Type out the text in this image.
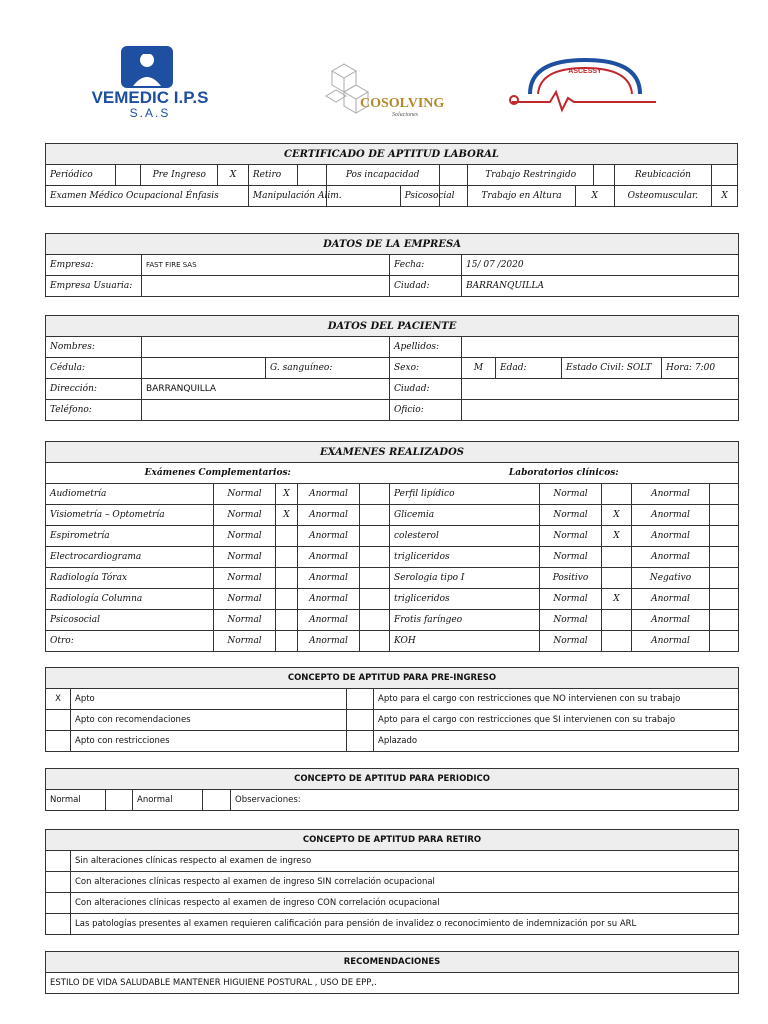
VEMEDIC I.P.S
S.A.S
COSOLVING
Soluciones
ASCESSY
CERTIFICADO DE APTITUD LABORAL													
Periódico		Pre Ingreso	X	Retiro		Pos incapacidad			Trabajo Restringido			Reubicación	
Examen Médico Ocupacional Énfasis				Manipulación Alim.			Psicosocial		Trabajo en Altura	X		Osteomuscular.	X
DATOS DE LA EMPRESA			
Empresa:	FAST FIRE SAS	Fecha:	15/ 07 /2020
Empresa Usuaria:		Ciudad:	BARRANQUILLA
DATOS DEL PACIENTE							
Nombres:			Apellidos:				
Cédula:		G. sanguíneo:	Sexo:	M	Edad:	Estado Civil: SOLT	Hora: 7:00
Dirección:	BARRANQUILLA		Ciudad:				
Teléfono:			Oficio:				
EXAMENES REALIZADOS									
Exámenes Complementarios:					Laboratorios clínicos:				
Audiometría	Normal	X	Anormal		Perfil lipídico	Normal		Anormal	
Visiometría – Optometría	Normal	X	Anormal		Glicemia	Normal	X	Anormal	
Espirometría	Normal		Anormal		colesterol	Normal	X	Anormal	
Electrocardiograma	Normal		Anormal		trigliceridos	Normal		Anormal	
Radiología Tórax	Normal		Anormal		Serologia tipo I	Positivo		Negativo	
Radiología Columna	Normal		Anormal		trigliceridos	Normal	X	Anormal	
Psicosocial	Normal		Anormal		Frotis faríngeo	Normal		Anormal	
Otro:	Normal		Anormal		KOH	Normal		Anormal	
CONCEPTO DE APTITUD PARA PRE-INGRESO			
X	Apto		Apto para el cargo con restricciones que NO intervienen con su trabajo
	Apto con recomendaciones		Apto para el cargo con restricciones que SI intervienen con su trabajo
	Apto con restricciones		Aplazado
CONCEPTO DE APTITUD PARA PERIODICO
Normal		Anormal		Observaciones:
CONCEPTO DE APTITUD PARA RETIRO	
	Sin alteraciones clínicas respecto al examen de ingreso
	Con alteraciones clínicas respecto al examen de ingreso SIN correlación ocupacional
	Con alteraciones clínicas respecto al examen de ingreso CON correlación ocupacional
	Las patologías presentes al examen requieren calificación para pensión de invalidez o reconocimiento de indemnización por su ARL
RECOMENDACIONES
ESTILO DE VIDA SALUDABLE MANTENER HIGUIENE POSTURAL , USO DE EPP,.
